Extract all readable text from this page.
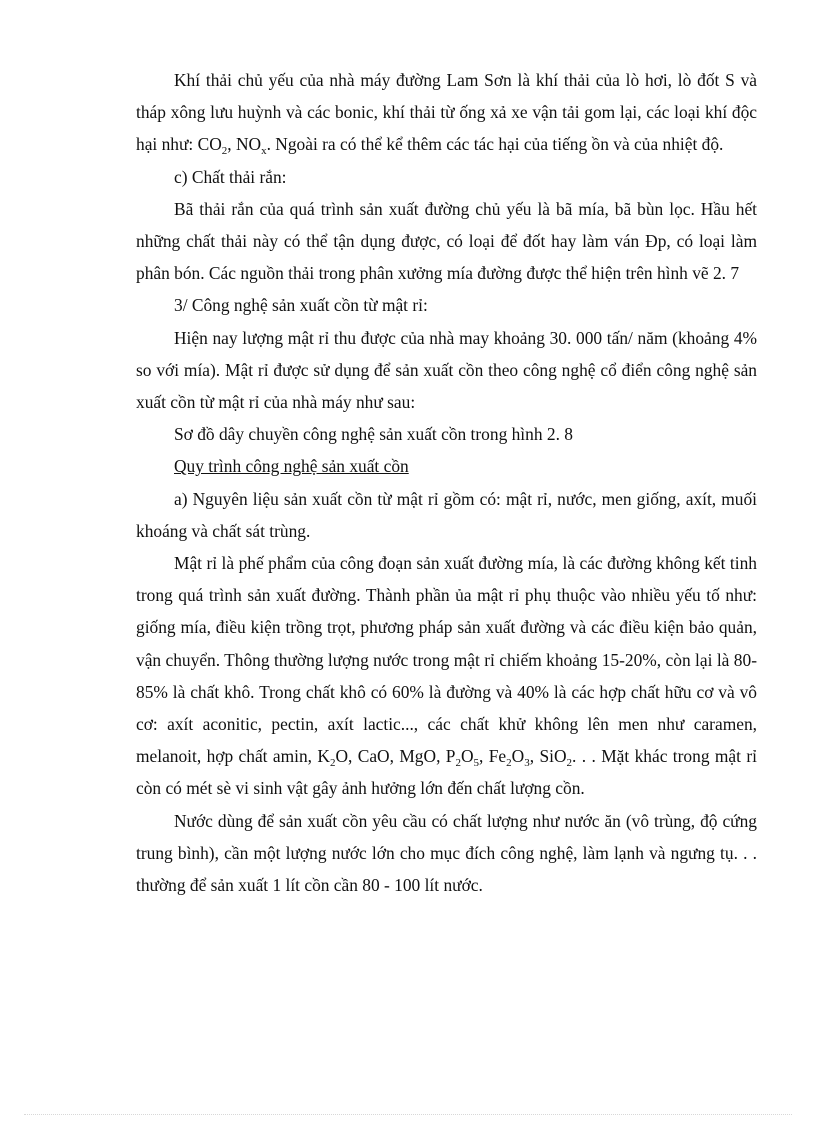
Khí thải chủ yếu của nhà máy đường Lam Sơn là khí thải của lò hơi, lò đốt S và tháp xông lưu huỳnh và các bonic, khí thải từ ống xả xe vận tải gom lại, các loại khí độc hại như: $CO_2$, $NO_x$. Ngoài ra có thể kể thêm các tác hại của tiếng ồn và của nhiệt độ.

c) Chất thải rắn:

Bã thải rắn của quá trình sản xuất đường chủ yếu là bã mía, bã bùn lọc. Hầu hết những chất thải này có thể tận dụng được, có loại để đốt hay làm ván Đp, có loại làm phân bón. Các nguồn thải trong phân xưởng mía đường được thể hiện trên hình vẽ 2. 7

3/ Công nghệ sản xuất cồn từ mật rỉ:

Hiện nay lượng mật rỉ thu được của nhà may khoảng 30. 000 tấn/ năm (khoảng 4% so với mía). Mật rỉ được sử dụng để sản xuất cồn theo công nghệ cổ điển công nghệ sản xuất cồn từ mật rỉ của nhà máy như sau:

Sơ đồ dây chuyền công nghệ sản xuất cồn trong hình 2. 8

Quy trình công nghệ sản xuất cồn

a) Nguyên liệu sản xuất cồn từ mật rỉ gồm có: mật rỉ, nước, men giống, axít, muối khoáng và chất sát trùng.

Mật rỉ là phế phẩm của công đoạn sản xuất đường mía, là các đường không kết tinh trong quá trình sản xuất đường. Thành phần ủa mật rỉ phụ thuộc vào nhiều yếu tố như: giống mía, điều kiện trồng trọt, phương pháp sản xuất đường và các điều kiện bảo quản, vận chuyển. Thông thường lượng nước trong mật rỉ chiếm khoảng 15-20%, còn lại là 80-85% là chất khô. Trong chất khô có 60% là đường và 40% là các hợp chất hữu cơ và vô cơ: axít aconitic, pectin, axít lactic..., các chất khử không lên men như caramen, melanoit, hợp chất amin, $K_2O$, CaO, MgO, $P_2O_5$, $Fe_2O_3$, SiO$_2$. . . Mặt khác trong mật rỉ còn có mét sè vi sinh vật gây ảnh hưởng lớn đến chất lượng cồn.

Nước dùng để sản xuất cồn yêu cầu có chất lượng như nước ăn (vô trùng, độ cứng trung bình), cần một lượng nước lớn cho mục đích công nghệ, làm lạnh và ngưng tụ. . . thường để sản xuất 1 lít cồn cần 80 - 100 lít nước.
